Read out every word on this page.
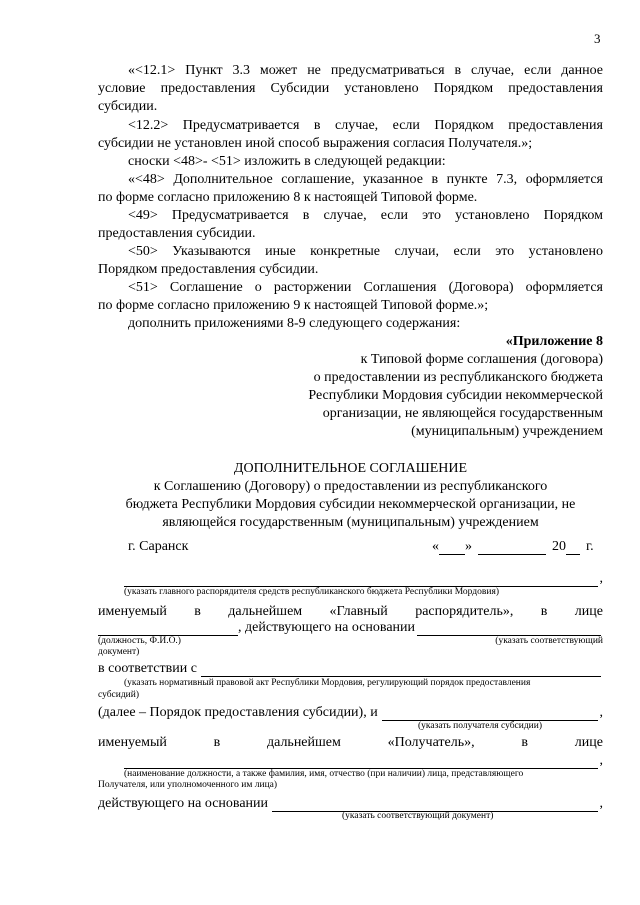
3
«<12.1> Пункт 3.3 может не предусматриваться в случае, если данное
условие предоставления Субсидии установлено Порядком предоставления
субсидии.
<12.2> Предусматривается в случае, если Порядком предоставления
субсидии не установлен иной способ выражения согласия Получателя.»;
сноски <48>- <51> изложить в следующей редакции:
«<48> Дополнительное соглашение, указанное в пункте 7.3, оформляется
по форме согласно приложению 8 к настоящей Типовой форме.
<49> Предусматривается в случае, если это установлено Порядком
предоставления субсидии.
<50> Указываются иные конкретные случаи, если это установлено
Порядком предоставления субсидии.
<51> Соглашение о расторжении Соглашения (Договора) оформляется
по форме согласно приложению 9 к настоящей Типовой форме.»;
дополнить приложениями 8-9 следующего содержания:
«Приложение 8
к Типовой форме соглашения (договора)
о предоставлении из республиканского бюджета
Республики Мордовия субсидии некоммерческой
организации, не являющейся государственным
(муниципальным) учреждением
ДОПОЛНИТЕЛЬНОЕ СОГЛАШЕНИЕ
к Соглашению (Договору) о предоставлении из республиканского
бюджета Республики Мордовия субсидии некоммерческой организации, не
являющейся государственным (муниципальным) учреждением
г. Саранск	« »	20 г.
,
(указать главного распорядителя средств республиканского бюджета Республики Мордовия)
именуемый в дальнейшем «Главный распорядитель», в лице
, действующего на основании
(должность, Ф.И.О.)	(указать соответствующий
документ)
в соответствии с
(указать нормативный правовой акт Республики Мордовия, регулирующий порядок предоставления
субсидий)
(далее – Порядок предоставления субсидии), и	,
(указать получателя субсидии)
именуемый	в	дальнейшем	«Получатель»,	в	лице
,
(наименование должности, а также фамилия, имя, отчество (при наличии) лица, представляющего
Получателя, или уполномоченного им лица)
действующего на основании	,
(указать соответствующий документ)
